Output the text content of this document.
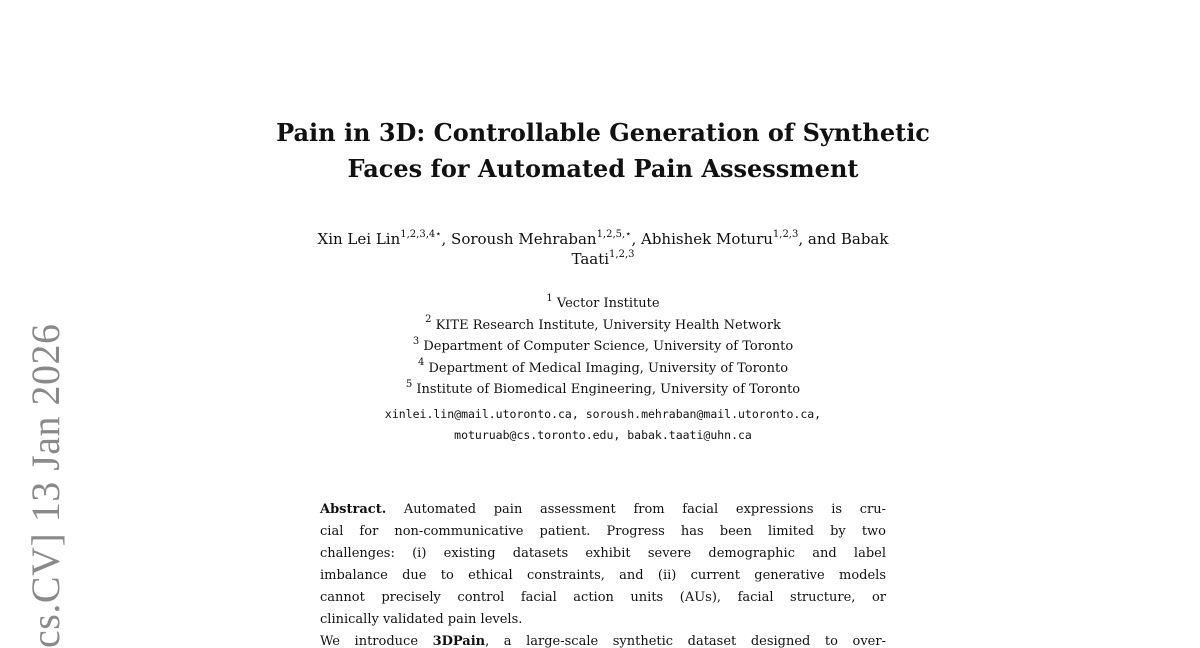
cs.CV] 13 Jan 2026
Pain in 3D: Controllable Generation of Synthetic
Faces for Automated Pain Assessment
Xin Lei Lin$^{1,2,3,4⋆}$, Soroush Mehraban$^{1,2,5,⋆}$, Abhishek Moturu$^{1,2,3}$, and Babak
Taati$^{1,2,3}$
$^1$ Vector Institute
$^2$ KITE Research Institute, University Health Network
$^3$ Department of Computer Science, University of Toronto
$^4$ Department of Medical Imaging, University of Toronto
$^5$ Institute of Biomedical Engineering, University of Toronto
xinlei.lin@mail.utoronto.ca, soroush.mehraban@mail.utoronto.ca,
moturuab@cs.toronto.edu, babak.taati@uhn.ca
Abstract. Automated pain assessment from facial expressions is cru-
cial for non-communicative patient. Progress has been limited by two
challenges: (i) existing datasets exhibit severe demographic and label
imbalance due to ethical constraints, and (ii) current generative models
cannot precisely control facial action units (AUs), facial structure, or
clinically validated pain levels.
We introduce 3DPain, a large-scale synthetic dataset designed to over-
